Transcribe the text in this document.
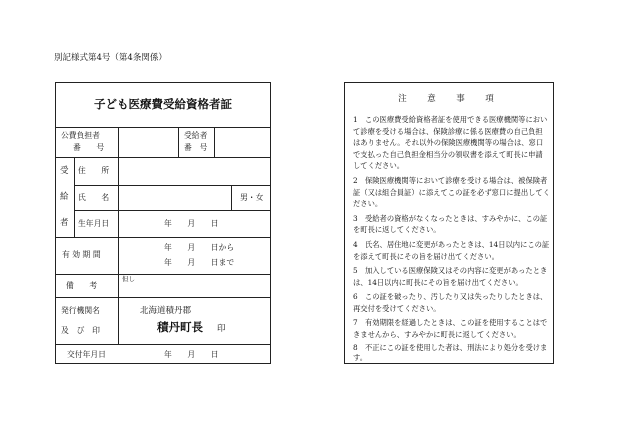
別記様式第4号（第4条関係）
子ども医療費受給資格者証
公費負担者
番　　号
受給者
番　号
受
給
者
住　　所
氏　　名	男・女
生年月日	年　　月　　日
有 効 期 間
年　　月　　日から
年　　月　　日まで
備　　考
但し
発行機関名
及　び　印
北海道積丹郡
積丹町長 印
交付年月日	年　　月　　日
注　意　事　項
1　この医療費受給資格者証を使用できる医療機関等におい
て診療を受ける場合は、保険診療に係る医療費の自己負担
はありません。それ以外の保険医療機関等の場合は、窓口
で支払った自己負担金相当分の領収書を添えて町長に申請
してください。
2　保険医療機関等において診療を受ける場合は、被保険者
証（又は組合員証）に添えてこの証を必ず窓口に提出してく
ださい。
3　受給者の資格がなくなったときは、すみやかに、この証
を町長に返してください。
4　氏名、居住地に変更があったときは、14日以内にこの証
を添えて町長にその旨を届け出てください。
5　加入している医療保険又はその内容に変更があったとき
は、14日以内に町長にその旨を届け出てください。
6　この証を破ったり、汚したり又は失ったりしたときは、
再交付を受けてください。
7　有効期限を経過したときは、この証を使用することはで
きませんから、すみやかに町長に返してください。
8　不正にこの証を使用した者は、刑法により処分を受けま
す。
